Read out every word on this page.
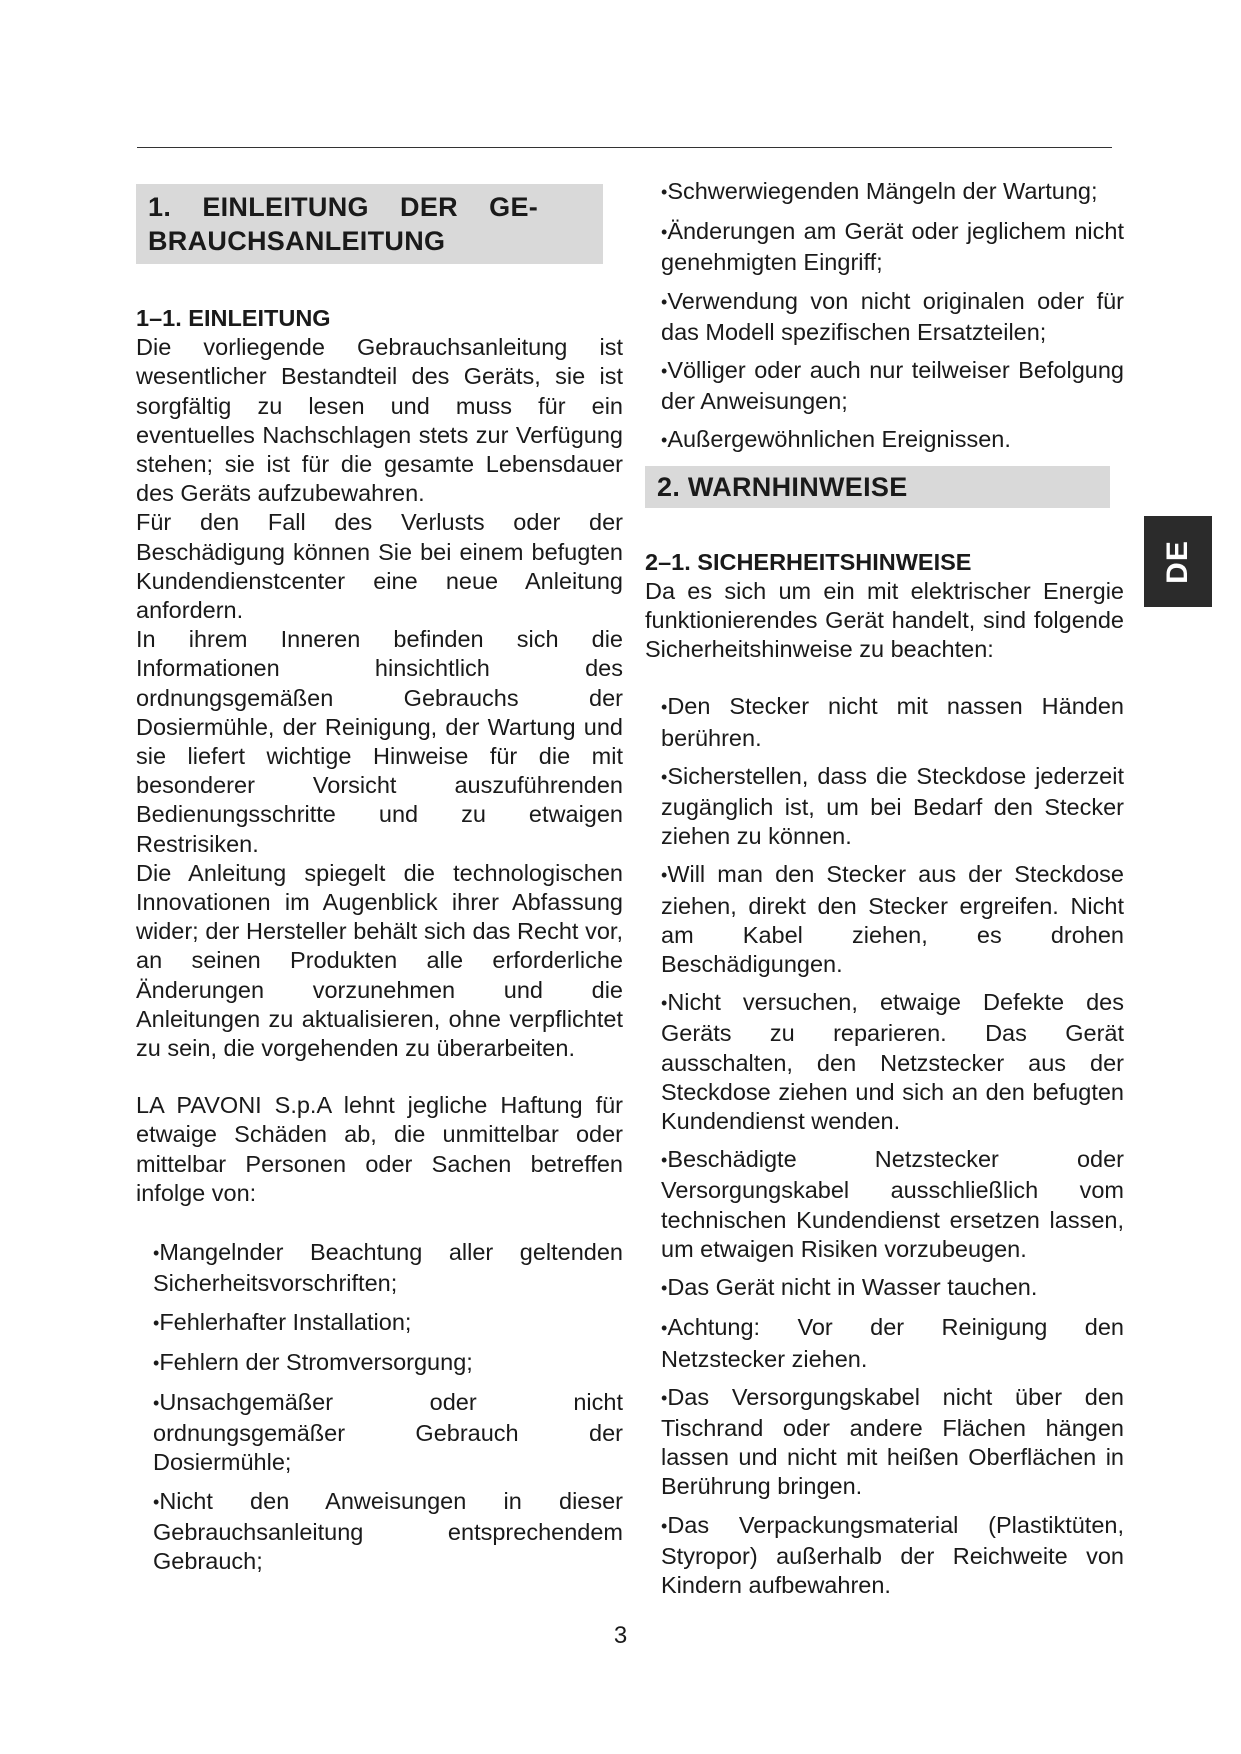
1.    EINLEITUNG    DER    GE-
BRAUCHSANLEITUNG
1–1. EINLEITUNG

Die vorliegende Gebrauchsanleitung ist wesentlicher Bestandteil des Geräts, sie ist sorgfältig zu lesen und muss für ein eventuelles Nachschlagen stets zur Verfügung stehen; sie ist für die gesamte Lebensdauer des Geräts aufzubewahren.

Für den Fall des Verlusts oder der Beschädigung können Sie bei einem befugten Kundendienstcenter eine neue Anleitung anfordern.

In ihrem Inneren befinden sich die Informationen hinsichtlich des ordnungsgemäßen Gebrauchs der Dosiermühle, der Reinigung, der Wartung und sie liefert wichtige Hinweise für die mit besonderer Vorsicht auszuführenden Bedienungsschritte und zu etwaigen Restrisiken.

Die Anleitung spiegelt die technologischen Innovationen im Augenblick ihrer Abfassung wider; der Hersteller behält sich das Recht vor, an seinen Produkten alle erforderliche Änderungen vorzunehmen und die Anleitungen zu aktualisieren, ohne verpflichtet zu sein, die vorgehenden zu überarbeiten.

LA PAVONI S.p.A lehnt jegliche Haftung für etwaige Schäden ab, die unmittelbar oder mittelbar Personen oder Sachen betreffen infolge von:

•Mangelnder Beachtung aller geltenden Sicherheitsvorschriften;
•Fehlerhafter Installation;
•Fehlern der Stromversorgung;
•Unsachgemäßer oder nicht ordnungsgemäßer Gebrauch der Dosiermühle;
•Nicht den Anweisungen in dieser Gebrauchsanleitung entsprechendem Gebrauch;
•Schwerwiegenden Mängeln der Wartung;
•Änderungen am Gerät oder jeglichem nicht genehmigten Eingriff;
•Verwendung von nicht originalen oder für das Modell spezifischen Ersatzteilen;
•Völliger oder auch nur teilweiser Befolgung der Anweisungen;
•Außergewöhnlichen Ereignissen.
2. WARNHINWEISE
2–1. SICHERHEITSHINWEISE

Da es sich um ein mit elektrischer Energie funktionierendes Gerät handelt, sind folgende Sicherheitshinweise zu beachten:

•Den Stecker nicht mit nassen Händen berühren.
•Sicherstellen, dass die Steckdose jederzeit zugänglich ist, um bei Bedarf den Stecker ziehen zu können.
•Will man den Stecker aus der Steckdose ziehen, direkt den Stecker ergreifen. Nicht am Kabel ziehen, es drohen Beschädigungen.
•Nicht versuchen, etwaige Defekte des Geräts zu reparieren. Das Gerät ausschalten, den Netzstecker aus der Steckdose ziehen und sich an den befugten Kundendienst wenden.
•Beschädigte Netzstecker oder Versorgungskabel ausschließlich vom technischen Kundendienst ersetzen lassen, um etwaigen Risiken vorzubeugen.
•Das Gerät nicht in Wasser tauchen.
•Achtung: Vor der Reinigung den Netzstecker ziehen.
•Das Versorgungskabel nicht über den Tischrand oder andere Flächen hängen lassen und nicht mit heißen Oberflächen in Berührung bringen.
•Das Verpackungsmaterial (Plastiktüten, Styropor) außerhalb der Reichweite von Kindern aufbewahren.
3
DE
